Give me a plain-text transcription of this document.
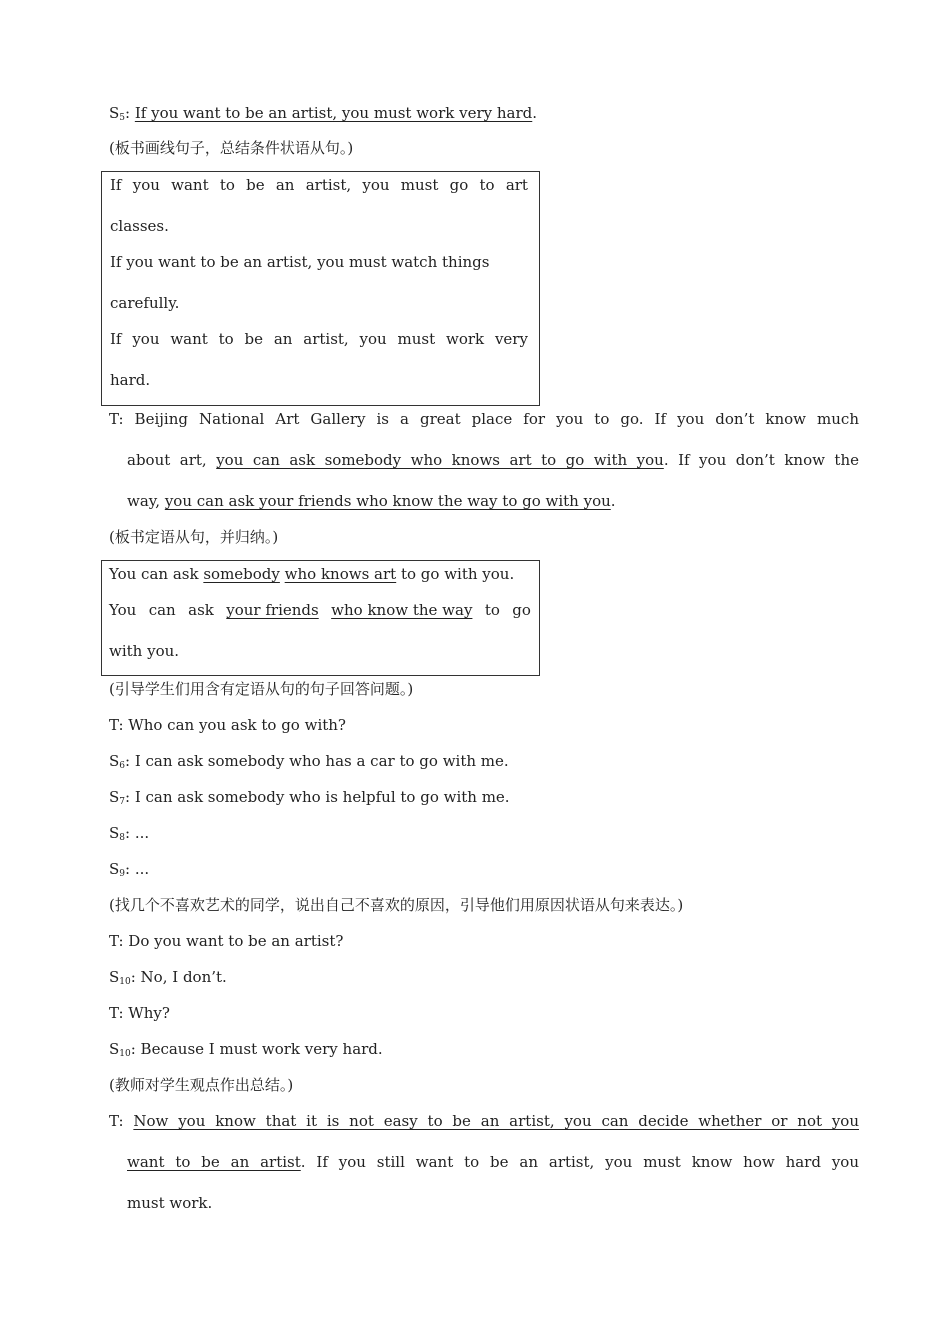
$S_5$: If you want to be an artist, you must work very hard.
(板书画线句子，总结条件状语从句。)
If you want to be an artist, you must go to art
classes.
If you want to be an artist, you must watch things
carefully.
If you want to be an artist, you must work very
hard.
T: Beijing National Art Gallery is a great place for you to go. If you don’t know much
about art, you can ask somebody who knows art to go with you. If you don’t know the
way, you can ask your friends who know the way to go with you.
(板书定语从句，并归纳。)
You can ask somebody who knows art to go with you.
You can ask your friends who know the way to go
with you.
(引导学生们用含有定语从句的句子回答问题。)
T: Who can you ask to go with?
$S_6$: I can ask somebody who has a car to go with me.
$S_7$: I can ask somebody who is helpful to go with me.
$S_8$: ...
$S_9$: ...
(找几个不喜欢艺术的同学，说出自己不喜欢的原因，引导他们用原因状语从句来表达。)
T: Do you want to be an artist?
$S_{10}$: No, I don’t.
T: Why?
$S_{10}$: Because I must work very hard.
(教师对学生观点作出总结。)
T: Now you know that it is not easy to be an artist, you can decide whether or not you
want to be an artist. If you still want to be an artist, you must know how hard you
must work.
